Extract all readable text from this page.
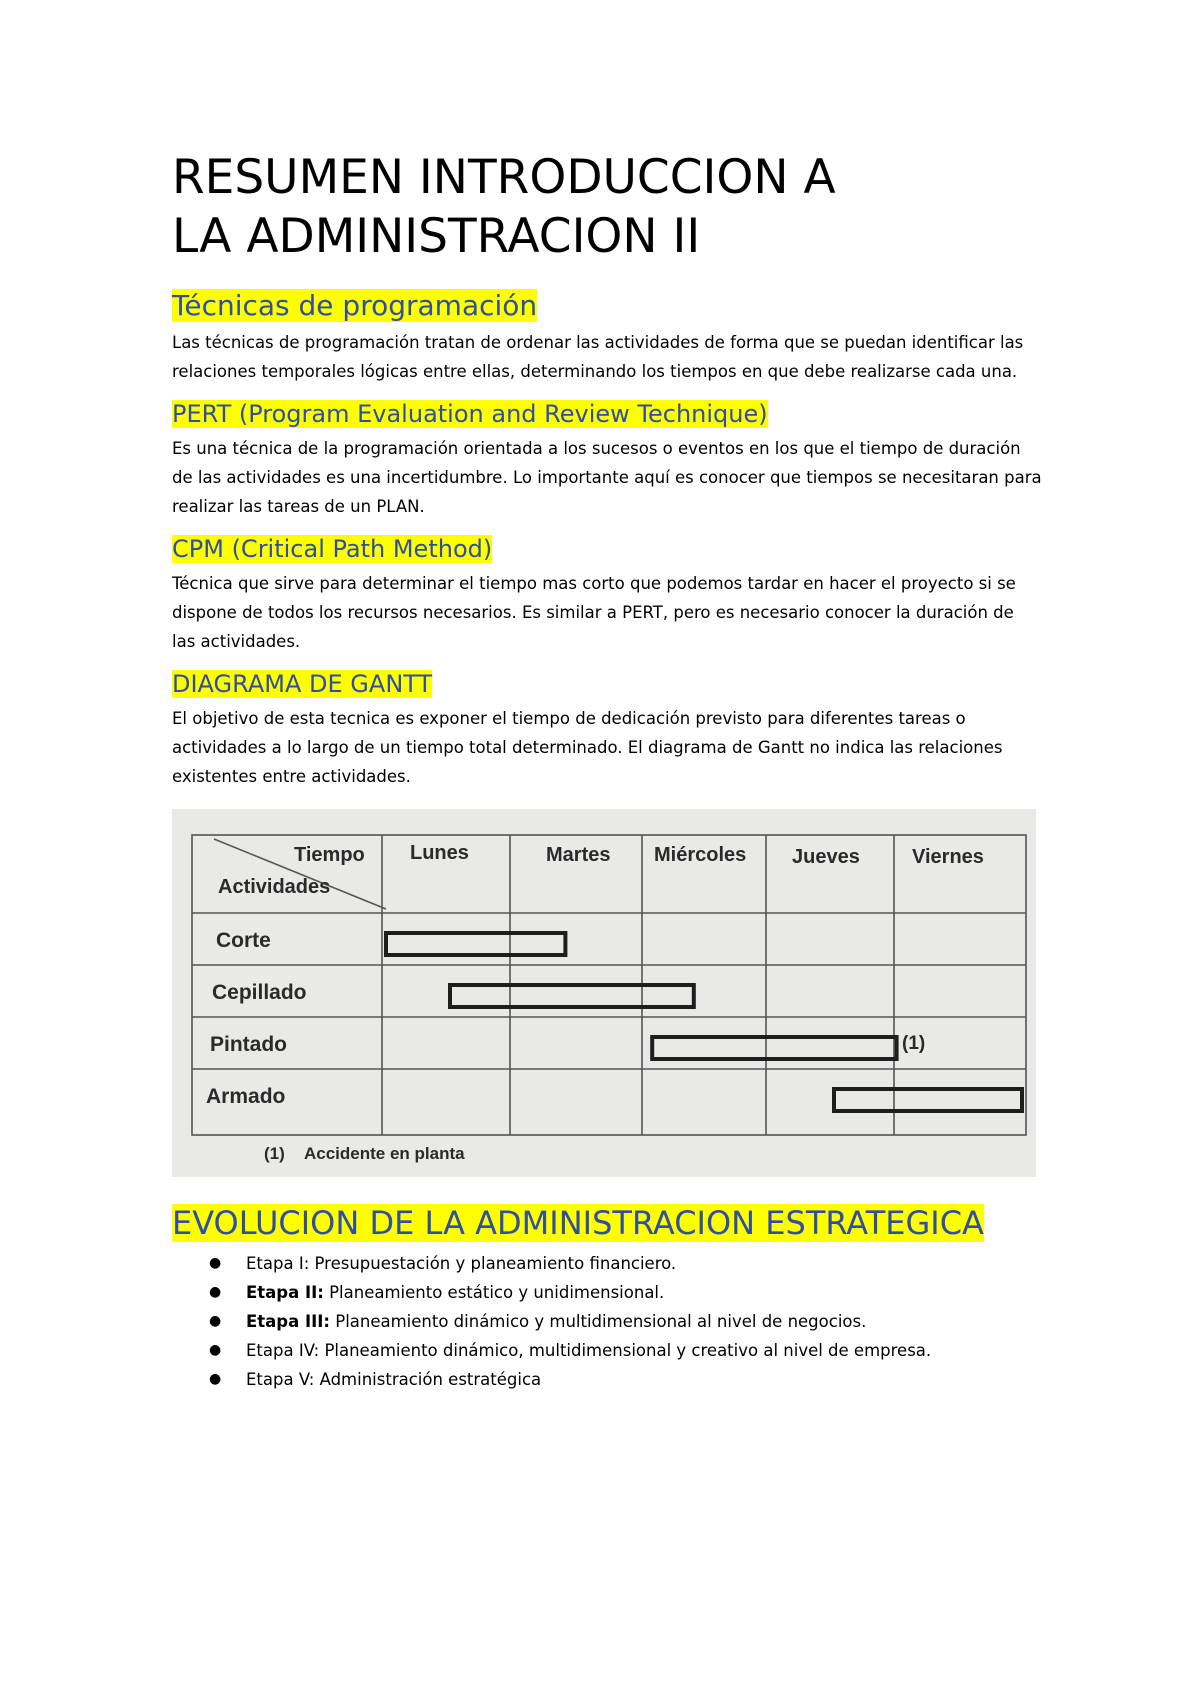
RESUMEN INTRODUCCION A
LA ADMINISTRACION II
Técnicas de programación

Las técnicas de programación tratan de ordenar las actividades de forma que se puedan identificar las relaciones temporales lógicas entre ellas, determinando los tiempos en que debe realizarse cada una.

PERT (Program Evaluation and Review Technique)

Es una técnica de la programación orientada a los sucesos o eventos en los que el tiempo de duración de las actividades es una incertidumbre. Lo importante aquí es conocer que tiempos se necesitaran para realizar las tareas de un PLAN.

CPM (Critical Path Method)

Técnica que sirve para determinar el tiempo mas corto que podemos tardar en hacer el proyecto si se dispone de todos los recursos necesarios. Es similar a PERT, pero es necesario conocer la duración de las actividades.

DIAGRAMA DE GANTT

El objetivo de esta tecnica es exponer el tiempo de dedicación previsto para diferentes tareas o actividades a lo largo de un tiempo total determinado. El diagrama de Gantt no indica las relaciones existentes entre actividades.

Tiempo
Actividades
Lunes	Martes Miércoles Jueves	Viernes
Corte
Cepillado
Pintado
Armado
(1)
(1) Accidente en planta
EVOLUCION DE LA ADMINISTRACION ESTRATEGICA
● Etapa I: Presupuestación y planeamiento financiero.
● Etapa II: Planeamiento estático y unidimensional.
● Etapa III: Planeamiento dinámico y multidimensional al nivel de negocios.
● Etapa IV: Planeamiento dinámico, multidimensional y creativo al nivel de empresa.
● Etapa V: Administración estratégica
